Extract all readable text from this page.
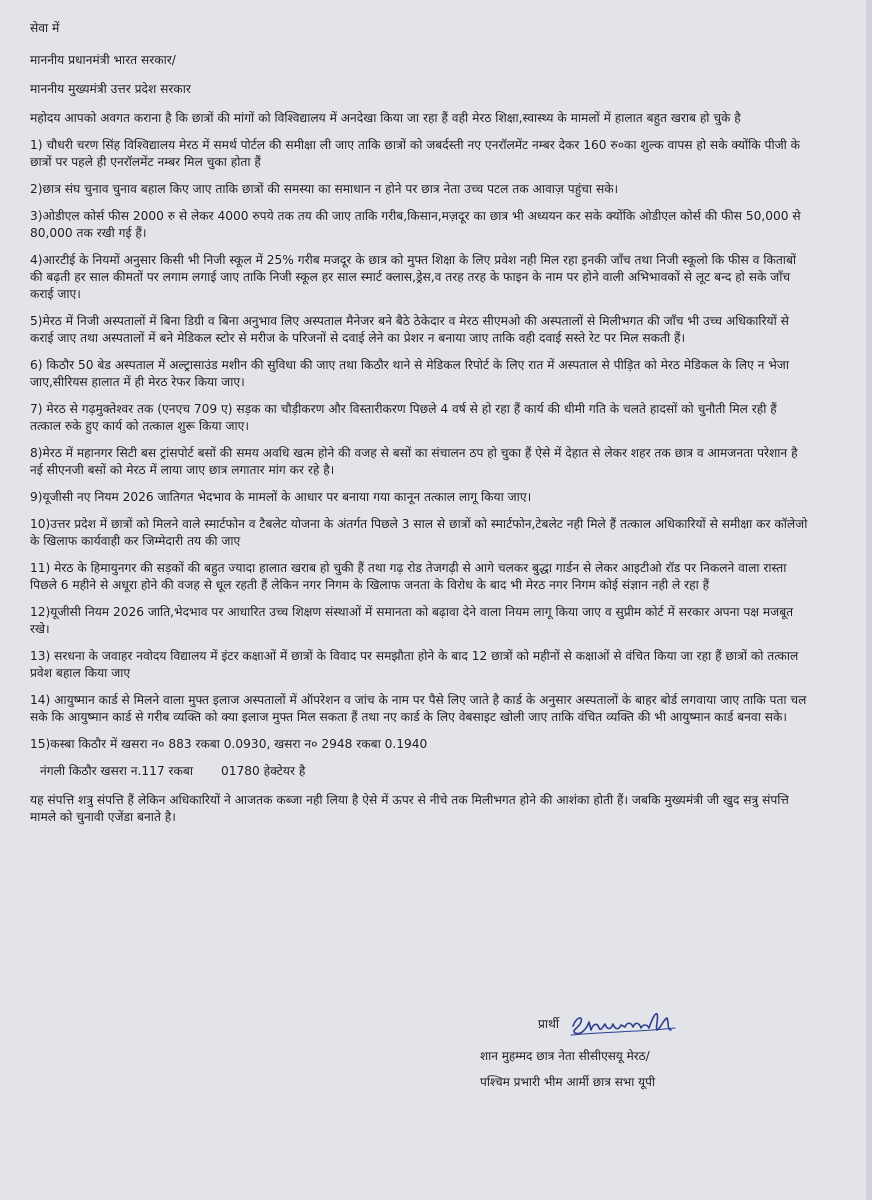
सेवा में

माननीय प्रधानमंत्री भारत सरकार/

माननीय मुख्यमंत्री उत्तर प्रदेश सरकार

महोदय आपको अवगत कराना है कि छात्रों की मांगों को विश्विद्यालय में अनदेखा किया जा रहा हैं वही मेरठ शिक्षा,स्वास्थ्य के मामलों में हालात बहुत खराब हो चुके है

1) चौधरी चरण सिंह विश्विद्यालय मेरठ में समर्थ पोर्टल की समीक्षा ली जाए ताकि छात्रों को जबर्दस्ती नए एनरॉलमेंट नम्बर देकर 160 रु०का शुल्क वापस हो सके क्योंकि पीजी के छात्रों पर पहले ही एनरॉलमेंट नम्बर मिल चुका होता हैं

2)छात्र संघ चुनाव चुनाव बहाल किए जाए ताकि छात्रों की समस्या का समाधान न होने पर छात्र नेता उच्च पटल तक आवाज़ पहुंचा सके।

3)ओडीएल कोर्स फीस 2000 रु से लेकर 4000 रुपये तक तय की जाए ताकि गरीब,किसान,मज़दूर का छात्र भी अध्ययन कर सके क्योंकि ओडीएल कोर्स की फीस 50,000 से 80,000 तक रखी गई हैं।

4)आरटीई के नियमों अनुसार किसी भी निजी स्कूल में 25% गरीब मजदूर के छात्र को मुफ्त शिक्षा के लिए प्रवेश नही मिल रहा इनकी जाँच तथा निजी स्कूलो कि फीस व किताबों की बढ़ती हर साल कीमतों पर लगाम लगाई जाए ताकि निजी स्कूल हर साल स्मार्ट क्लास,ड्रेस,व तरह तरह के फाइन के नाम पर होने वाली अभिभावकों से लूट बन्द हो सके जाँच कराई जाए।

5)मेरठ में निजी अस्पतालों में बिना डिग्री व बिना अनुभाव लिए अस्पताल मैनेजर बने बैठे ठेकेदार व मेरठ सीएमओ की अस्पतालों से मिलीभगत की जाँच भी उच्च अधिकारियों से कराई जाए तथा अस्पतालों में बने मेडिकल स्टोर से मरीज के परिजनों से दवाई लेने का प्रेशर न बनाया जाए ताकि वही दवाई सस्ते रेट पर मिल सकती हैं।

6) किठौर 50 बेड अस्पताल में अल्ट्रासाउंड मशीन की सुविधा की जाए तथा किठौर थाने से मेडिकल रिपोर्ट के लिए रात में अस्पताल से पीड़ित को मेरठ मेडिकल के लिए न भेजा जाए,सीरियस हालात में ही मेरठ रेफर किया जाए।

7) मेरठ से गढ़मुक्तेश्वर तक (एनएच 709 ए) सड़क का चौड़ीकरण और विस्तारीकरण पिछले 4 वर्ष से हो रहा हैं कार्य की धीमी गति के चलते हादसों को चुनौती मिल रही हैं तत्काल रुके हुए कार्य को तत्काल शुरू किया जाए।

8)मेरठ में महानगर सिटी बस ट्रांसपोर्ट बसों की समय अवधि खत्म होने की वजह से बसों का संचालन ठप हो चुका हैं ऐसे में देहात से लेकर शहर तक छात्र व आमजनता परेशान है नई सीएनजी बसों को मेरठ में लाया जाए छात्र लगातार मांग कर रहे है।

9)यूजीसी नए नियम 2026 जातिगत भेदभाव के मामलों के आधार पर बनाया गया कानून तत्काल लागू किया जाए।

10)उत्तर प्रदेश में छात्रों को मिलने वाले स्मार्टफोन व टैबलेट योजना के अंतर्गत पिछले 3 साल से छात्रों को स्मार्टफोन,टेबलेट नही मिले हैं तत्काल अधिकारियों से समीक्षा कर कॉलेजो के खिलाफ कार्यवाही कर जिम्मेदारी तय की जाए

11) मेरठ के हिमायुनगर की सड़कों की बहुत ज्यादा हालात खराब हो चुकी हैं तथा गढ़ रोड तेजगढ़ी से आगे चलकर बुद्धा गार्डन से लेकर आइटीओ रॉड पर निकलने वाला रास्ता पिछले 6 महीने से अधूरा होने की वजह से धूल रहती हैं लेकिन नगर निगम के खिलाफ जनता के विरोध के बाद भी मेरठ नगर निगम कोई संज्ञान नही ले रहा हैं

12)यूजीसी नियम 2026 जाति,भेदभाव पर आधारित उच्च शिक्षण संस्थाओं में समानता को बढ़ावा देने वाला नियम लागू किया जाए व सुप्रीम कोर्ट में सरकार अपना पक्ष मजबूत रखे।

13) सरधना के जवाहर नवोदय विद्यालय में इंटर कक्षाओं में छात्रों के विवाद पर समझौता होने के बाद 12 छात्रों को महीनों से कक्षाओं से वंचित किया जा रहा हैं छात्रों को तत्काल प्रवेश बहाल किया जाए

14) आयुष्मान कार्ड से मिलने वाला मुफ्त इलाज अस्पतालों में ऑपरेशन व जांच के नाम पर पैसे लिए जाते है कार्ड के अनुसार अस्पतालों के बाहर बोर्ड लगवाया जाए ताकि पता चल सके कि आयुष्मान कार्ड से गरीब व्यक्ति को क्या इलाज मुफ्त मिल सकता हैं तथा नए कार्ड के लिए वेबसाइट खोली जाए ताकि वंचित व्यक्ति की भी आयुष्मान कार्ड बनवा सके।

15)कस्बा किठौर में खसरा न० 883 रकबा 0.0930, खसरा न० 2948 रकबा 0.1940

नंगली किठौर खसरा न.117 रकबा 01780 हेक्टेयर है

यह संपत्ति शत्रु संपत्ति हैं लेकिन अधिकारियों ने आजतक कब्जा नही लिया है ऐसे में ऊपर से नीचे तक मिलीभगत होने की आशंका होती हैं। जबकि मुख्यमंत्री जी खुद सत्रु संपत्ति मामले को चुनावी एजेंडा बनाते है।

प्रार्थी

शान मुहम्मद छात्र नेता सीसीएसयू मेरठ/

पश्चिम प्रभारी भीम आर्मी छात्र सभा यूपी
